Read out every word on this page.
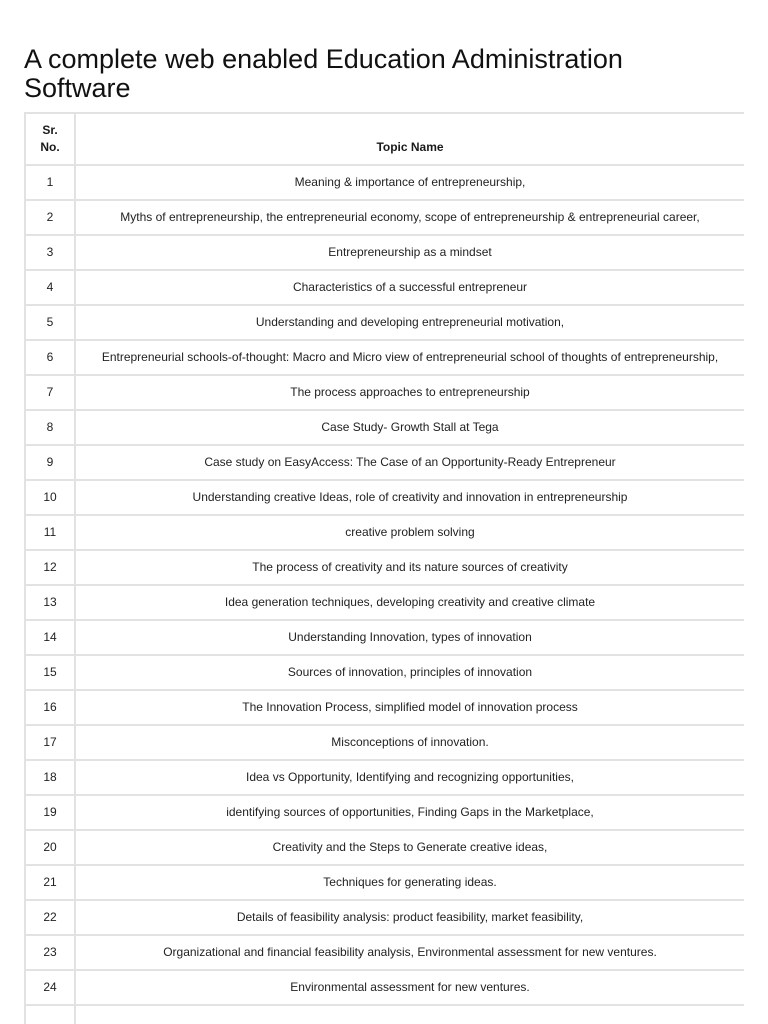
A complete web enabled Education Administration Software
Sr.
No.	Topic Name
1	Meaning & importance of entrepreneurship,
2	Myths of entrepreneurship, the entrepreneurial economy, scope of entrepreneurship & entrepreneurial career,
3	Entrepreneurship as a mindset
4	Characteristics of a successful entrepreneur
5	Understanding and developing entrepreneurial motivation,
6	Entrepreneurial schools-of-thought: Macro and Micro view of entrepreneurial school of thoughts of entrepreneurship,
7	The process approaches to entrepreneurship
8	Case Study- Growth Stall at Tega
9	Case study on EasyAccess: The Case of an Opportunity-Ready Entrepreneur
10	Understanding creative Ideas, role of creativity and innovation in entrepreneurship
11	creative problem solving
12	The process of creativity and its nature sources of creativity
13	Idea generation techniques, developing creativity and creative climate
14	Understanding Innovation, types of innovation
15	Sources of innovation, principles of innovation
16	The Innovation Process, simplified model of innovation process
17	Misconceptions of innovation.
18	Idea vs Opportunity, Identifying and recognizing opportunities,
19	identifying sources of opportunities, Finding Gaps in the Marketplace,
20	Creativity and the Steps to Generate creative ideas,
21	Techniques for generating ideas.
22	Details of feasibility analysis: product feasibility, market feasibility,
23	Organizational and financial feasibility analysis, Environmental assessment for new ventures.
24	Environmental assessment for new ventures.
